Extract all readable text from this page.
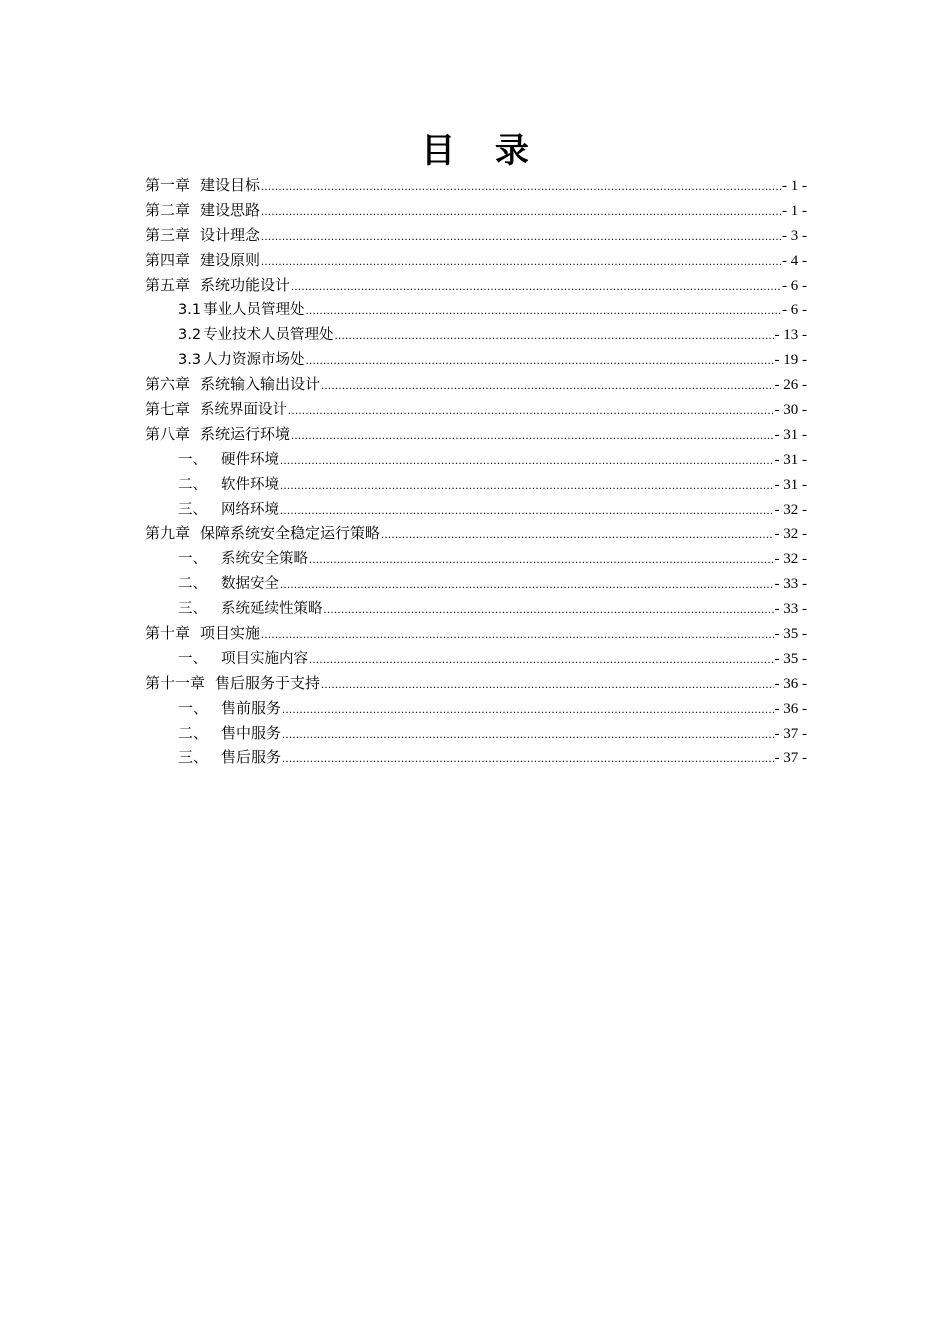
目 录
第一章 建设目标 .....	- 1 -
第二章 建设思路 .....	- 1 -
第三章 设计理念 .....	- 3 -
第四章 建设原则 .....	- 4 -
第五章 系统功能设计 .....	- 6 -
3.1 事业人员管理处 .....	- 6 -
3.2 专业技术人员管理处 .....	- 13 -
3.3 人力资源市场处 .....	- 19 -
第六章 系统输入输出设计 .....	- 26 -
第七章 系统界面设计 .....	- 30 -
第八章 系统运行环境 .....	- 31 -
一、 硬件环境 .....	- 31 -
二、 软件环境 .....	- 31 -
三、 网络环境 .....	- 32 -
第九章 保障系统安全稳定运行策略 .....	- 32 -
一、 系统安全策略 .....	- 32 -
二、 数据安全 .....	- 33 -
三、 系统延续性策略 .....	- 33 -
第十章 项目实施 .....	- 35 -
一、 项目实施内容 .....	- 35 -
第十一章 售后服务于支持 .....	- 36 -
一、 售前服务 .....	- 36 -
二、 售中服务 .....	- 37 -
三、 售后服务 .....	- 37 -
